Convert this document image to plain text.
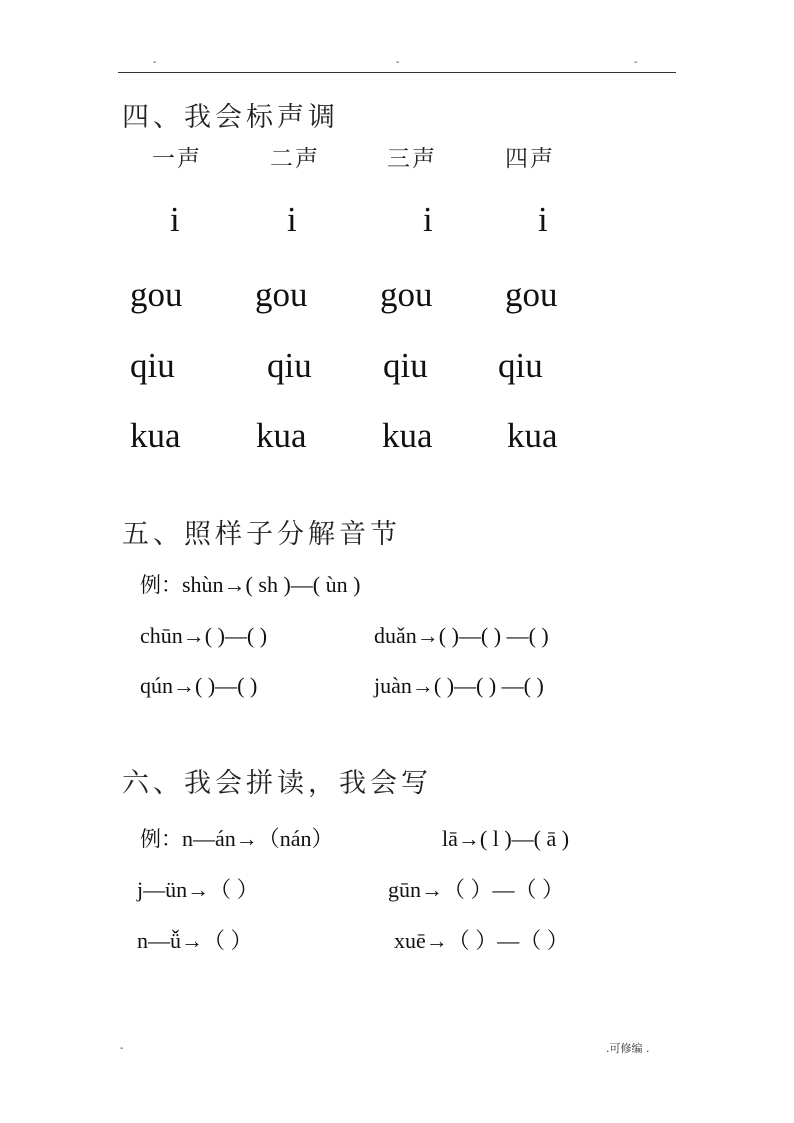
-	-	-
四、我会标声调
一声	二声	三声	四声
i	i	i	i
gou gou gou gou
qiu	qiu qiu qiu
kua kua kua kua
五、照样子分解音节
例：shùn→( sh )—( ùn )
chūn→( )—( )	duǎn→( )—( ) —( )
qún→( )—( )	juàn→( )—( ) —( )
六、我会拼读，我会写
例：n—án→（nán）	lā→( l )—( ā )
j—ün→（ ）	gūn→（ ）—（ ）
n—ǚ→（ ）	xuē→（ ）—（ ）
-	.可修编 .
